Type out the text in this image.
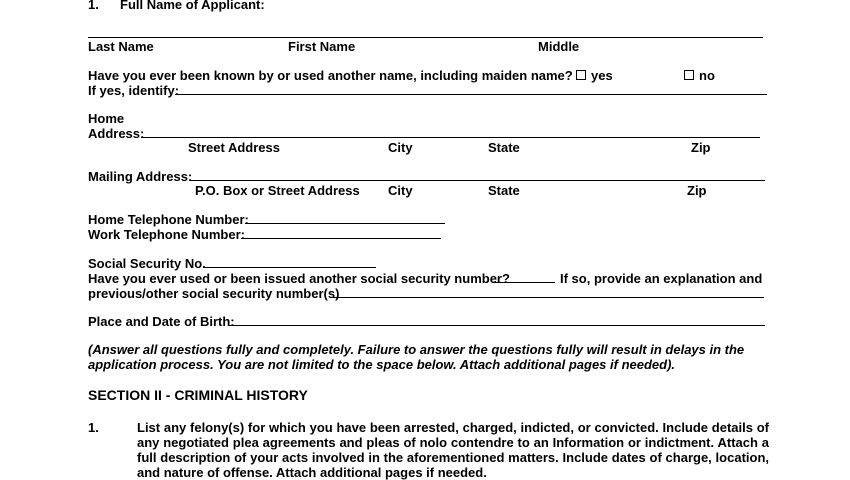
1. Full Name of Applicant:
Last Name	First Name	Middle
Have you ever been known by or used another name, including maiden name?	yes	no
If yes, identify:
Home
Address:
Street Address	City	State	Zip
Mailing Address:
P.O. Box or Street Address City	State	Zip
Home Telephone Number:
Work Telephone Number:
Social Security No.
Have you ever used or been issued another social security number?	If so, provide an explanation and
previous/other social security number(s)
Place and Date of Birth:
(Answer all questions fully and completely. Failure to answer the questions fully will result in delays in the
application process. You are not limited to the space below. Attach additional pages if needed).
SECTION II - CRIMINAL HISTORY
1.	List any felony(s) for which you have been arrested, charged, indicted, or convicted. Include details of any negotiated plea agreements and pleas of nolo contendre to an Information or indictment. Attach a full description of your acts involved in the aforementioned matters. Include dates of charge, location, and nature of offense. Attach additional pages if needed.
